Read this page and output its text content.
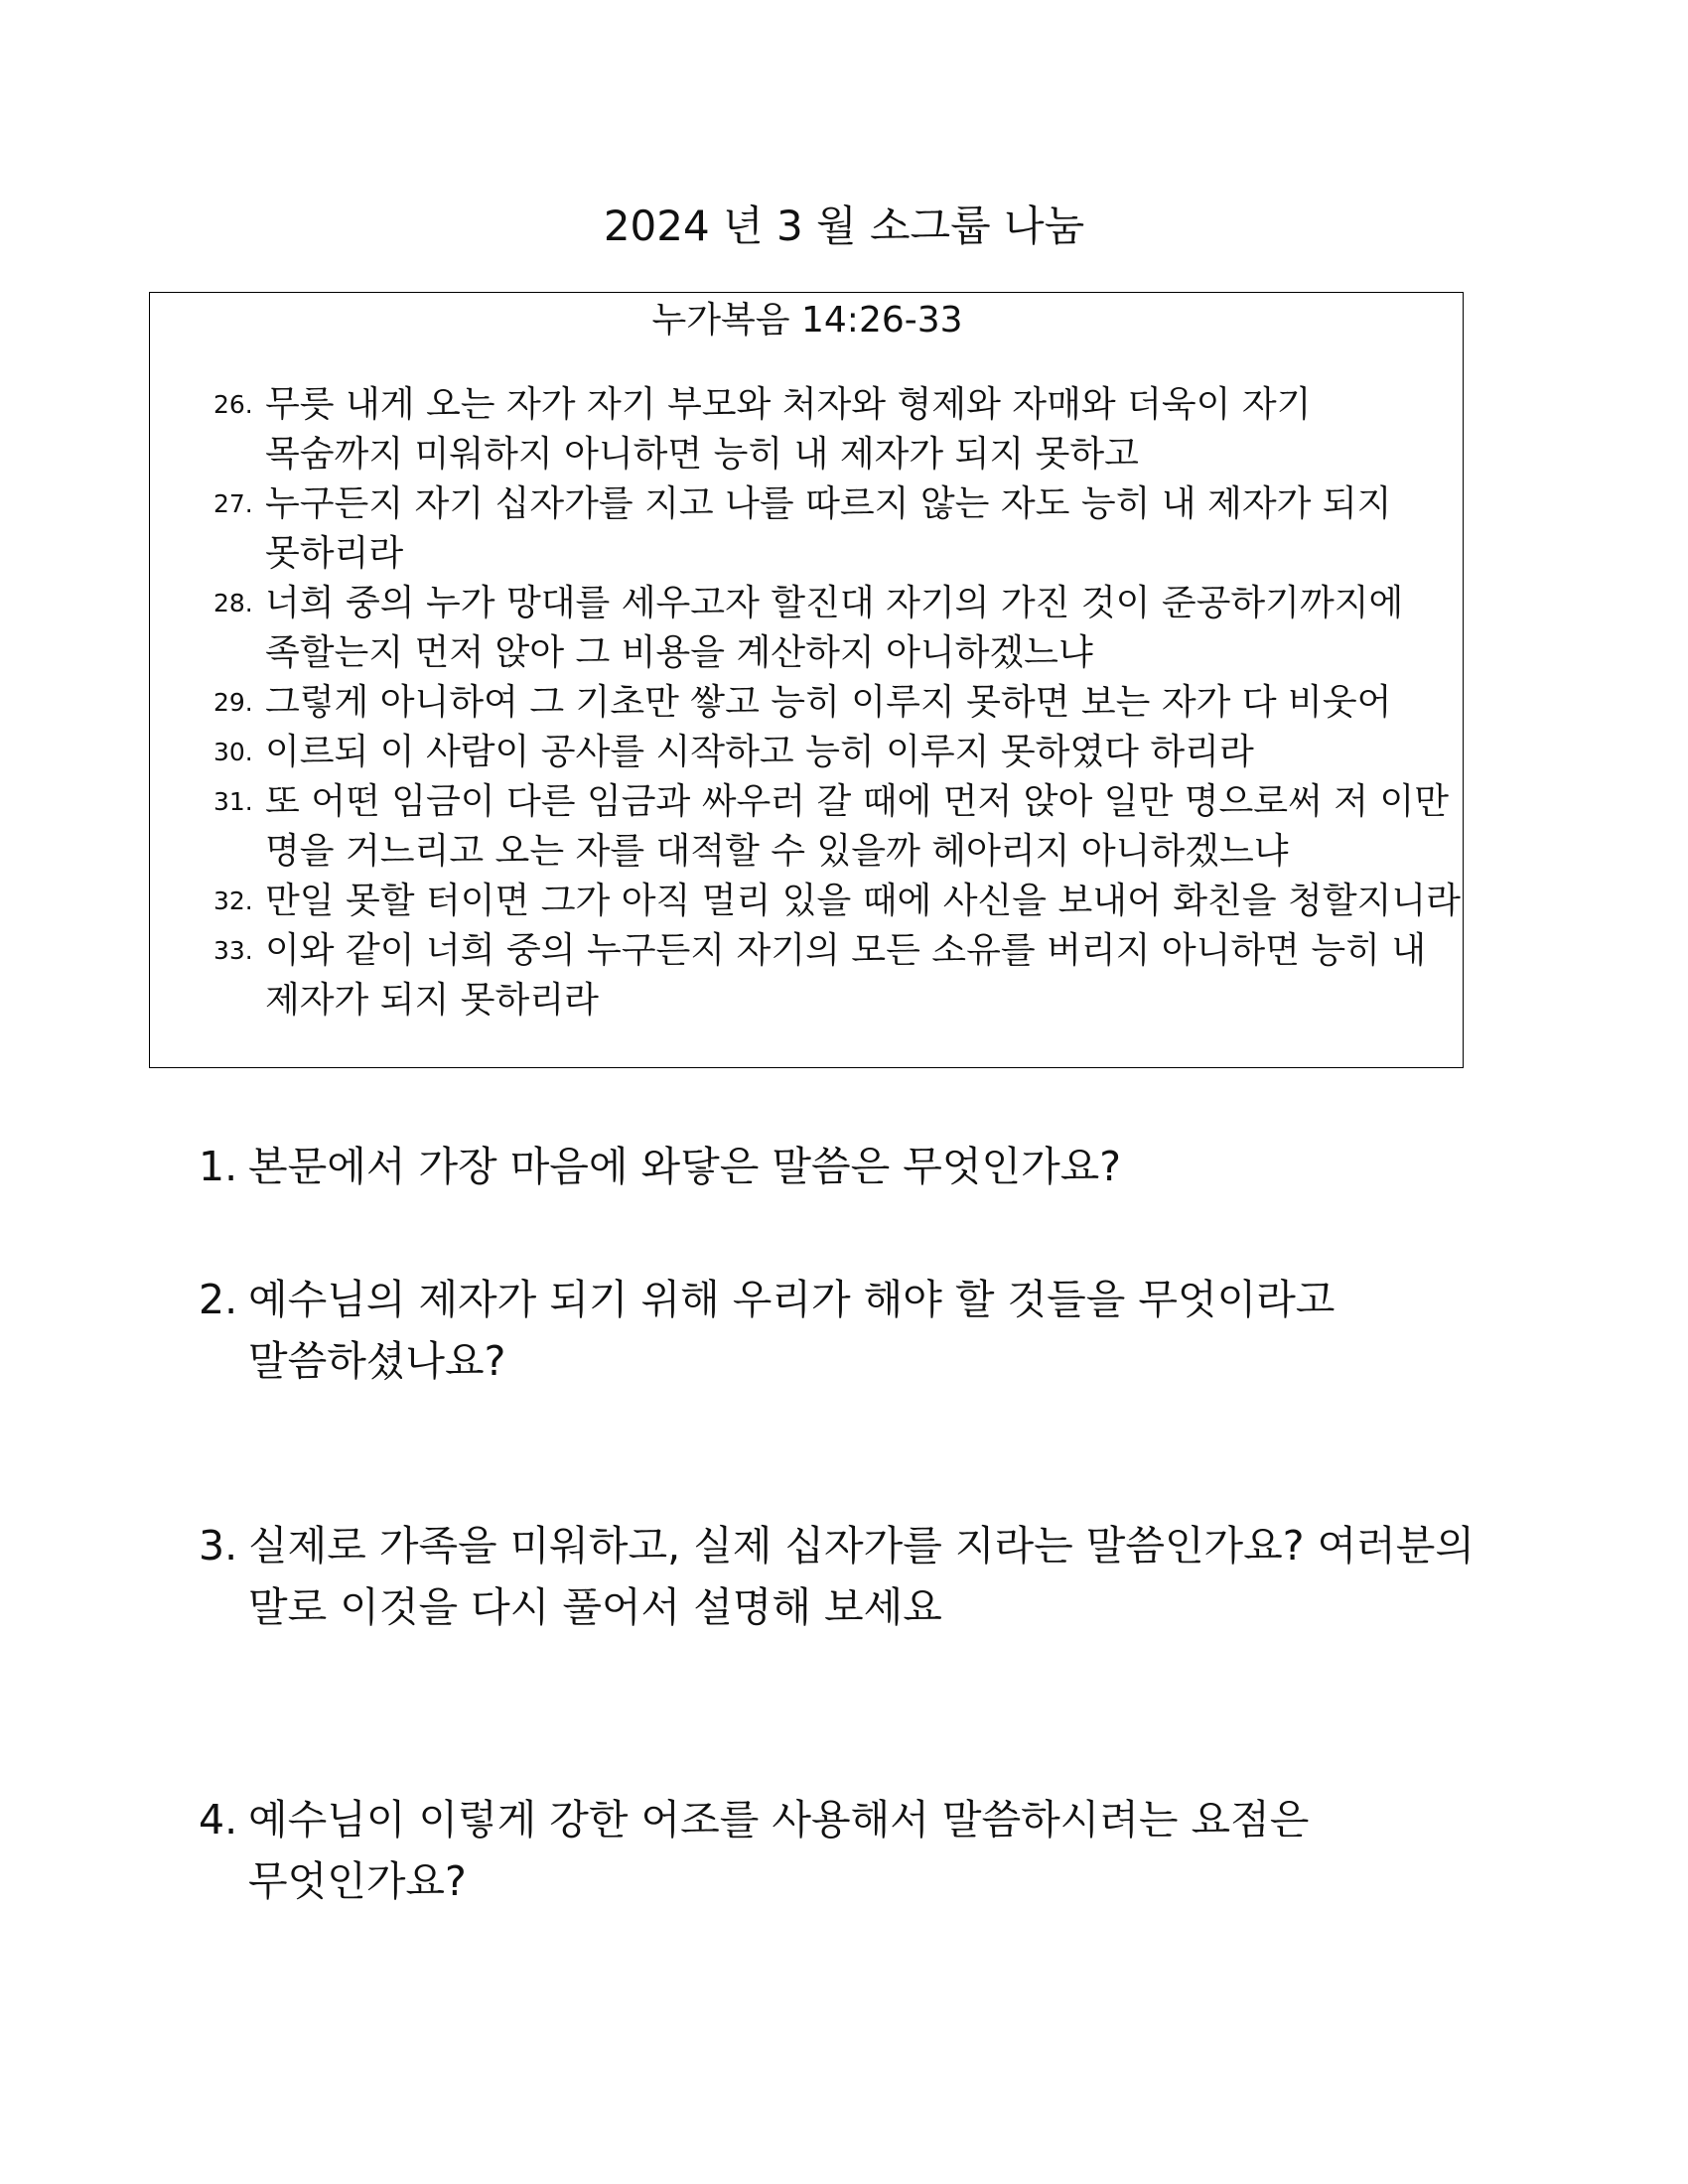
2024 년 3 월 소그룹 나눔
누가복음 14:26-33
26. 무릇 내게 오는 자가 자기 부모와 처자와 형제와 자매와 더욱이 자기
목숨까지 미워하지 아니하면 능히 내 제자가 되지 못하고
27. 누구든지 자기 십자가를 지고 나를 따르지 않는 자도 능히 내 제자가 되지
못하리라
28. 너희 중의 누가 망대를 세우고자 할진대 자기의 가진 것이 준공하기까지에
족할는지 먼저 앉아 그 비용을 계산하지 아니하겠느냐
29. 그렇게 아니하여 그 기초만 쌓고 능히 이루지 못하면 보는 자가 다 비웃어
30. 이르되 이 사람이 공사를 시작하고 능히 이루지 못하였다 하리라
31. 또 어떤 임금이 다른 임금과 싸우러 갈 때에 먼저 앉아 일만 명으로써 저 이만
명을 거느리고 오는 자를 대적할 수 있을까 헤아리지 아니하겠느냐
32. 만일 못할 터이면 그가 아직 멀리 있을 때에 사신을 보내어 화친을 청할지니라
33. 이와 같이 너희 중의 누구든지 자기의 모든 소유를 버리지 아니하면 능히 내
제자가 되지 못하리라
1. 본문에서 가장 마음에 와닿은 말씀은 무엇인가요?
2. 예수님의 제자가 되기 위해 우리가 해야 할 것들을 무엇이라고
말씀하셨나요?
3. 실제로 가족을 미워하고, 실제 십자가를 지라는 말씀인가요? 여러분의
말로 이것을 다시 풀어서 설명해 보세요
4. 예수님이 이렇게 강한 어조를 사용해서 말씀하시려는 요점은
무엇인가요?
